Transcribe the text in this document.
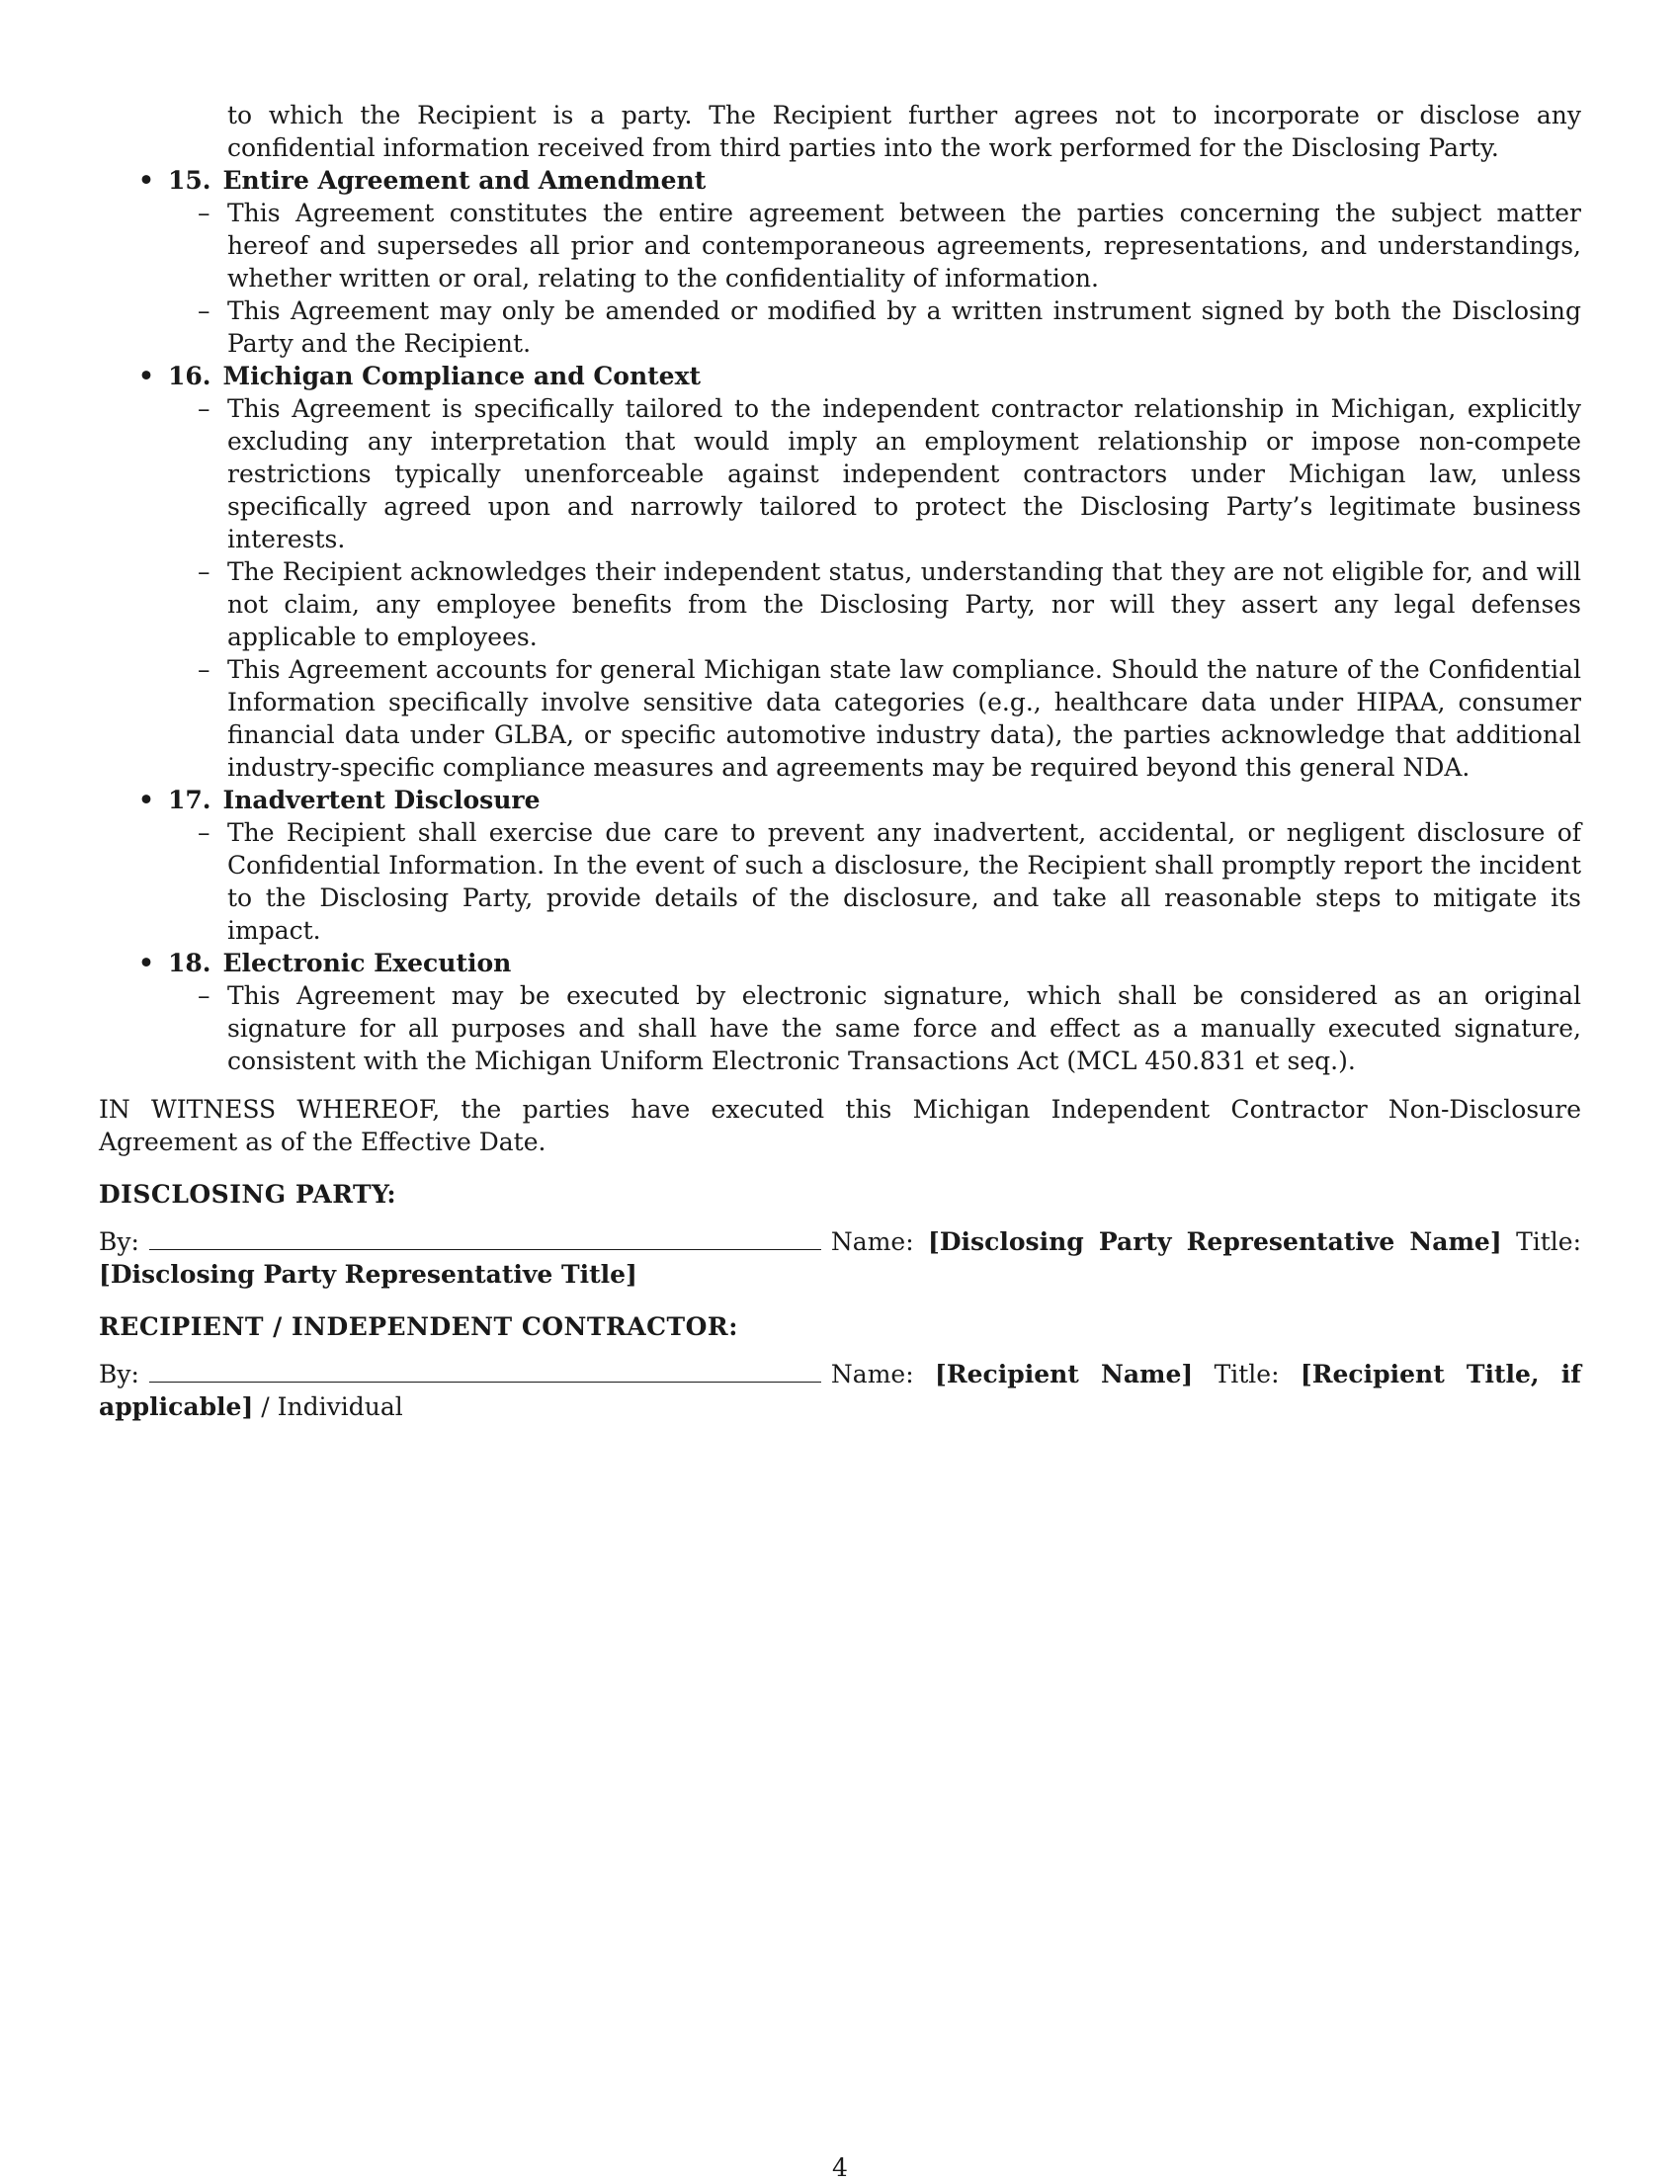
to which the Recipient is a party. The Recipient further agrees not to incorporate or disclose any confidential information received from third parties into the work performed for the Disclosing Party.

• 15. Entire Agreement and Amendment
– This Agreement constitutes the entire agreement between the parties concerning the subject matter hereof and supersedes all prior and contemporaneous agreements, representations, and understandings, whether written or oral, relating to the confidentiality of information.
– This Agreement may only be amended or modified by a written instrument signed by both the Disclosing Party and the Recipient.
• 16. Michigan Compliance and Context
– This Agreement is specifically tailored to the independent contractor relationship in Michigan, explicitly excluding any interpretation that would imply an employment relationship or impose non-compete restrictions typically unenforceable against independent contractors under Michigan law, unless specifically agreed upon and narrowly tailored to protect the Disclosing Party’s legitimate business interests.
– The Recipient acknowledges their independent status, understanding that they are not eligible for, and will not claim, any employee benefits from the Disclosing Party, nor will they assert any legal defenses applicable to employees.
– This Agreement accounts for general Michigan state law compliance. Should the nature of the Confidential Information specifically involve sensitive data categories (e.g., healthcare data under HIPAA, consumer financial data under GLBA, or specific automotive industry data), the parties acknowledge that additional industry-specific compliance measures and agreements may be required beyond this general NDA.
• 17. Inadvertent Disclosure
– The Recipient shall exercise due care to prevent any inadvertent, accidental, or negligent disclosure of Confidential Information. In the event of such a disclosure, the Recipient shall promptly report the incident to the Disclosing Party, provide details of the disclosure, and take all reasonable steps to mitigate its impact.
• 18. Electronic Execution
– This Agreement may be executed by electronic signature, which shall be considered as an original signature for all purposes and shall have the same force and effect as a manually executed signature, consistent with the Michigan Uniform Electronic Transactions Act (MCL 450.831 et seq.).

IN WITNESS WHEREOF, the parties have executed this Michigan Independent Contractor Non-Disclosure Agreement as of the Effective Date.

DISCLOSING PARTY:

By:	Name: [Disclosing Party Representative Name] Title: [Disclosing Party Representative Title]

RECIPIENT / INDEPENDENT CONTRACTOR:

By:	Name: [Recipient Name] Title: [Recipient Title, if applicable] / Individual

4
